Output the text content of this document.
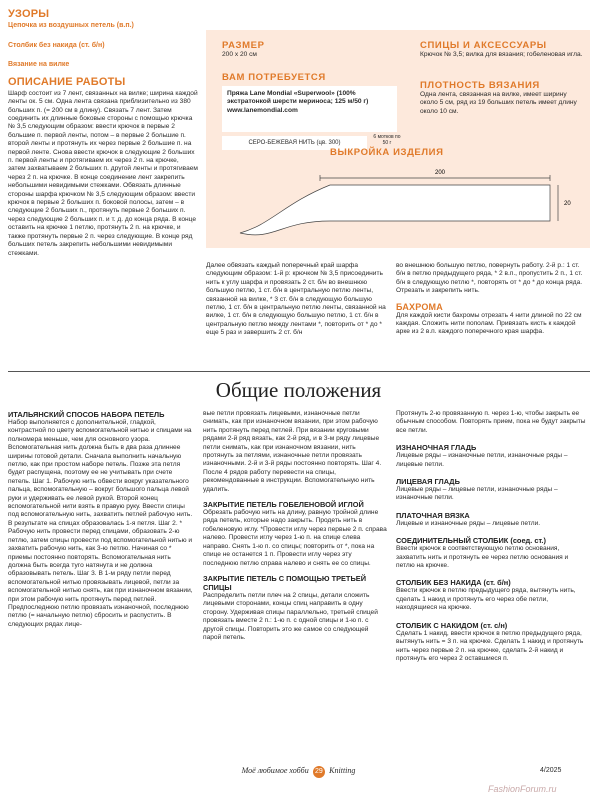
УЗОРЫ
Цепочка из воздушных петель (в.п.)
Столбик без накида (ст. б/н)
Вязание на вилке
ОПИСАНИЕ РАБОТЫ
Шарф состоит из 7 лент, связанных на вилке; ширина каждой ленты ок. 5 см. Одна лента связана приблизительно из 380 больших п. (= 200 см в длину). Связать 7 лент. Затем соединить их длинные боковые стороны с помощью крючка № 3,5 следующим образом: ввести крючок в первые 2 большие п. первой ленты, потом – в первые 2 большие п. второй ленты и протянуть их через первые 2 большие п. на первой ленте. Снова ввести крючок в следующие 2 больших п. первой ленты и протягиваем их через 2 п. на крючке, затем захватываем 2 больших п. другой ленты и протягиваем через 2 п. на крючке. В конце соединение лент закрепить небольшими невидимыми стежками. Обвязать длинные стороны шарфа крючком № 3,5 следующим образом: ввести крючок в первые 2 больших п. боковой полосы, затем – в следующие 2 больших п., протянуть первые 2 больших п. через следующие 2 больших п. и т. д. до конца ряда. В конце оставить на крючке 1 петлю, протянуть 2 п. на крючке, и также протянуть первые 2 п. через следующие. В конце ряд больших петель закрепить небольшими невидимыми стежками.
РАЗМЕР
200 х 20 см
ВАМ ПОТРЕБУЕТСЯ
Пряжа Lane Mondial «Superwool» (100% экстратонкой шерсти мериноса; 125 м/50 г)
www.lanemondial.com
СЕРО-БЕЖЕВАЯ НИТЬ (цв. 300)
6 мотков по 50 г
СПИЦЫ И АКСЕССУАРЫ
Крючок № 3,5; вилка для вязания; гобеленовая игла.
ПЛОТНОСТЬ ВЯЗАНИЯ
Одна лента, связанная на вилке, имеет ширину около 5 см, ряд из 19 больших петель имеет длину около 10 см.
ВЫКРОЙКА ИЗДЕЛИЯ
200
20
Далее обвязать каждый поперечный край шарфа следующим образом: 1-й р: крючком № 3,5 присоединить нить к углу шарфа и провязать 2 ст. б/н во внешнюю большую петлю, 1 ст. б/н в центральную петлю ленты, связанной на вилке, * 3 ст. б/н в следующую большую петлю, 1 ст. б/н в центральную петлю ленты, связанной на вилке, 1 ст. б/н в следующую большую петлю, 1 ст. б/н в центральную петлю между лентами *, повторить от * до * еще 5 раз и завершить 2 ст. б/н
во внешнюю большую петлю, повернуть работу. 2-й р.: 1 ст. б/н в петлю предыдущего ряда, * 2 в.п., пропустить 2 п., 1 ст. б/н в следующую петлю *, повторять от * до * до конца ряда. Отрезать и закрепить нить.
БАХРОМА
Для каждой кисти бахромы отрезать 4 нити длиной по 22 см каждая. Сложить нити пополам. Привязать кисть к каждой арке из 2 в.п. каждого поперечного края шарфа.
Общие положения
ИТАЛЬЯНСКИЙ СПОСОБ НАБОРА ПЕТЕЛЬ
Набор выполняется с дополнительной, гладкой, контрастной по цвету вспомогательной нитью и спицами на полномера меньше, чем для основного узора. Вспомогательная нить должна быть в два раза длиннее ширины готовой детали. Сначала выполнить начальную петлю, как при простом наборе петель. Позже эта петля будет распущена, поэтому ее не учитывать при счете петель. Шаг 1. Рабочую нить обвести вокруг указательного пальца, вспомогательную – вокруг большого пальца левой руки и удерживать ее левой рукой. Второй конец вспомогательной нити взять в правую руку. Ввести спицы под вспомогательную нить, захватить петлей рабочую нить. В результате на спицах образовалась 1-я петля. Шаг 2. * Рабочую нить провести перед спицами, образовать 2-ю петлю, затем спицы провести под вспомогательной нитью и захватить рабочую нить, как 3-ю петлю. Начиная со * приемы постоянно повторять. Вспомогательная нить должна быть всегда туго натянута и не должна образовывать петель. Шаг 3. В 1-м ряду петли перед вспомогательной нитью провязывать лицевой, петли за вспомогательной нитью снять, как при изнаночном вязании, при этом рабочую нить протянуть перед петлей. Предпоследнюю петлю провязать изнаночной, последнюю петлю (= начальную петлю) сбросить и распустить. В следующих рядах лице-
вые петли провязать лицевыми, изнаночные петли снимать, как при изнаночном вязании, при этом рабочую нить протянуть перед петлей. При вязании круговыми рядами 2-й ряд вязать, как 2-й ряд, и в 3-м ряду лицевые петли снимать, как при изнаночном вязании, нить протянуть за петлями, изнаночные петли провязать изнаночными. 2-й и 3-й ряды постоянно повторять. Шаг 4. После 4 рядов работу перевести на спицы, рекомендованные в инструкции. Вспомогательную нить удалить.
ЗАКРЫТИЕ ПЕТЕЛЬ ГОБЕЛЕНОВОЙ ИГЛОЙ
Обрезать рабочую нить на длину, равную тройной длине ряда петель, которые надо закрыть. Продеть нить в гобеленовую иглу. *Провести иглу через первые 2 п. справа налево. Провести иглу через 1-ю п. на спице слева направо. Снять 1-ю п. со спицы; повторить от *, пока на спице не останется 1 п. Провести иглу через эту последнюю петлю справа налево и снять ее со спицы.
ЗАКРЫТИЕ ПЕТЕЛЬ С ПОМОЩЬЮ ТРЕТЬЕЙ СПИЦЫ
Распределить петли плеч на 2 спицы, детали сложить лицевыми сторонами, концы спиц направить в одну сторону. Удерживая спицы параллельно, третьей спицей провязать вместе 2 п.: 1-ю п. с одной спицы и 1-ю п. с другой спицы. Повторить это же самое со следующей парой петель.
Протянуть 2-ю провязанную п. через 1-ю, чтобы закрыть ее обычным способом. Повторять прием, пока не будут закрыты все петли.
ИЗНАНОЧНАЯ ГЛАДЬ
Лицевые ряды – изнаночные петли, изнаночные ряды – лицевые петли.
ЛИЦЕВАЯ ГЛАДЬ
Лицевые ряды – лицевые петли, изнаночные ряды – изнаночные петли.
ПЛАТОЧНАЯ ВЯЗКА
Лицевые и изнаночные ряды – лицевые петли.
СОЕДИНИТЕЛЬНЫЙ СТОЛБИК (соед. ст.)
Ввести крючок в соответствующую петлю основания, захватить нить и протянуть ее через петлю основания и петлю на крючке.
СТОЛБИК БЕЗ НАКИДА (ст. б/н)
Ввести крючок в петлю предыдущего ряда, вытянуть нить, сделать 1 накид и протянуть его через обе петли, находящиеся на крючке.
СТОЛБИК С НАКИДОМ (ст. с/н)
Сделать 1 накид, ввести крючок в петлю предыдущего ряда, вытянуть нить = 3 п. на крючке. Сделать 1 накид и протянуть нить через первые 2 п. на крючке, сделать 2-й накид и протянуть его через 2 оставшиеся п.
Моё любимое хобби 29 Knitting	4/2025
FashionForum.ru
